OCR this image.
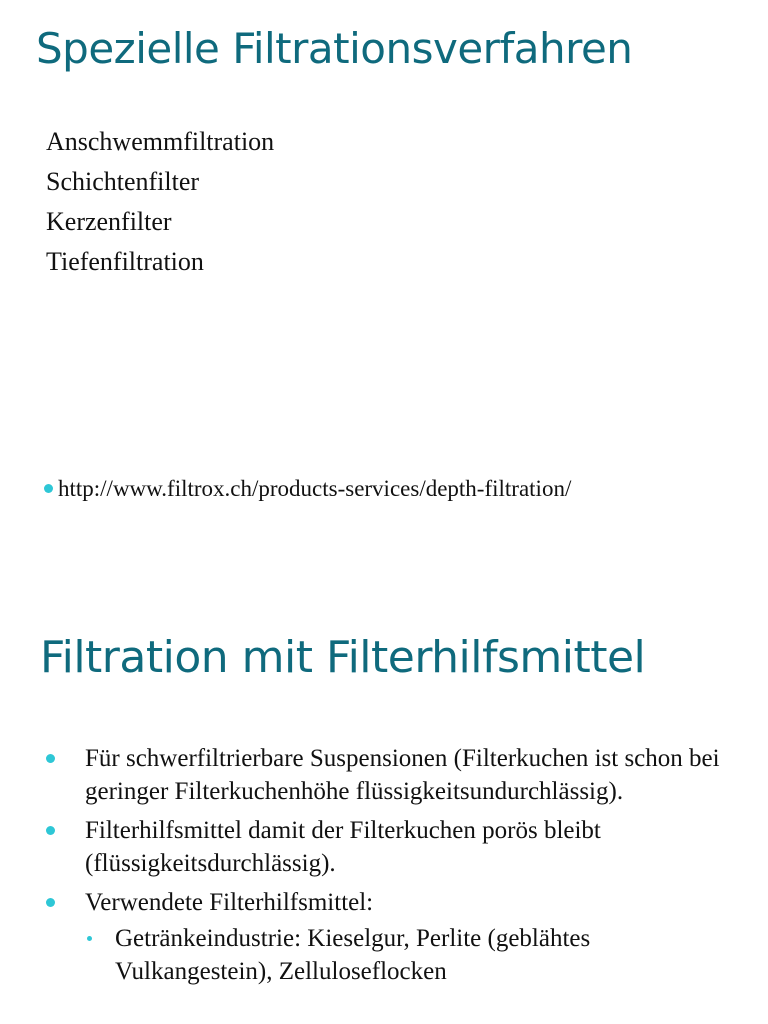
Spezielle Filtrationsverfahren
Anschwemmfiltration
Schichtenfilter
Kerzenfilter
Tiefenfiltration
http://www.filtrox.ch/products-services/depth-filtration/
Filtration mit Filterhilfsmittel
Für schwerfiltrierbare Suspensionen (Filterkuchen ist schon bei geringer Filterkuchenhöhe flüssigkeitsundurchlässig).
Filterhilfsmittel damit der Filterkuchen porös bleibt (flüssigkeitsdurchlässig).
Verwendete Filterhilfsmittel:
Getränkeindustrie: Kieselgur, Perlite (geblähtes Vulkangestein), Zelluloseflocken
